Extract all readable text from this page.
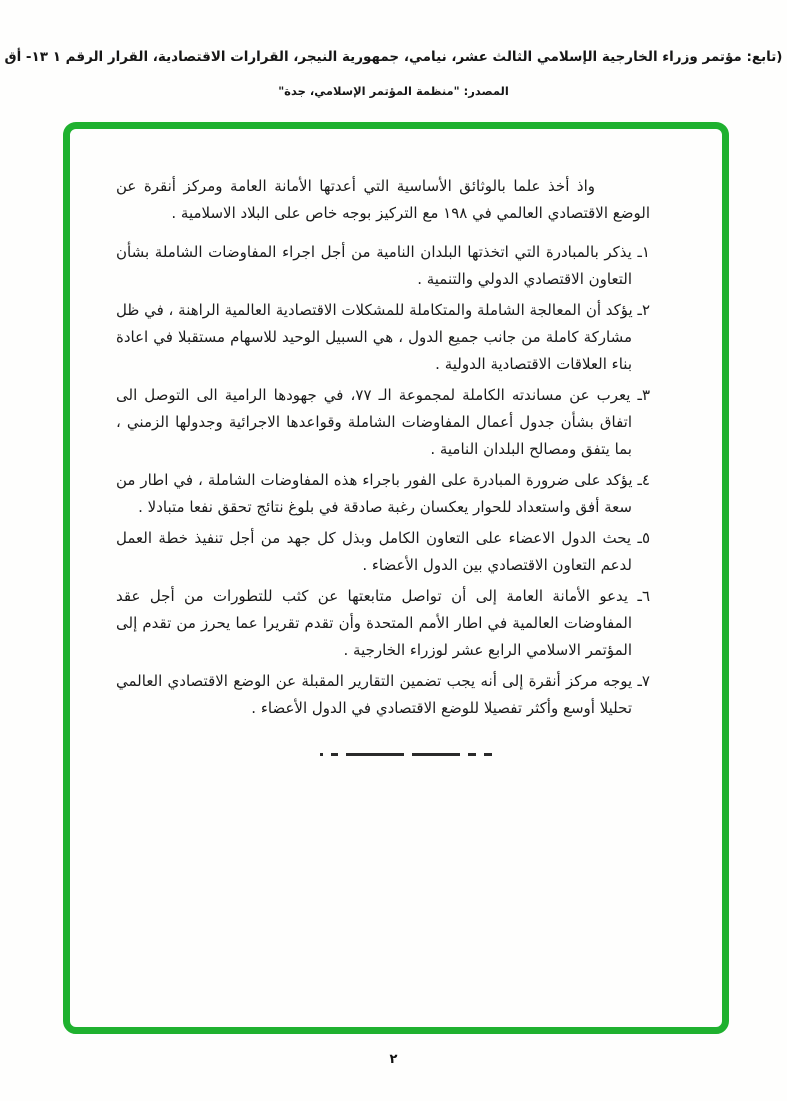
(تابع: مؤتمر وزراء الخارجية الإسلامي الثالث عشر، نيامي، جمهورية النيجر، القرارات الاقتصادية، القرار الرقم ١ ١٣- أق
المصدر: "منظمة المؤتمر الإسلامي، جدة"

واذ أخذ علما بالوثائق الأساسية التي أعدتها الأمانة العامة ومركز أنقرة عن الوضع الاقتصادي العالمي في ١٩٨ مع التركيز بوجه خاص على البلاد الاسلامية .

١ـ يذكر بالمبادرة التي اتخذتها البلدان النامية من أجل اجراء المفاوضات الشاملة بشأن التعاون الاقتصادي الدولي والتنمية .

٢ـ يؤكد أن المعالجة الشاملة والمتكاملة للمشكلات الاقتصادية العالمية الراهنة ، في ظل مشاركة كاملة من جانب جميع الدول ، هي السبيل الوحيد للاسهام مستقبلا في اعادة بناء العلاقات الاقتصادية الدولية .

٣ـ يعرب عن مساندته الكاملة لمجموعة الـ ٧٧، في جهودها الرامية الى التوصل الى اتفاق بشأن جدول أعمال المفاوضات الشاملة وقواعدها الاجرائية وجدولها الزمني ، بما يتفق ومصالح البلدان النامية .

٤ـ يؤكد على ضرورة المبادرة على الفور باجراء هذه المفاوضات الشاملة ، في اطار من سعة أفق واستعداد للحوار يعكسان رغبة صادقة في بلوغ نتائج تحقق نفعا متبادلا .

٥ـ يحث الدول الاعضاء على التعاون الكامل وبذل كل جهد من أجل تنفيذ خطة العمل لدعم التعاون الاقتصادي بين الدول الأعضاء .

٦ـ يدعو الأمانة العامة إلى أن تواصل متابعتها عن كثب للتطورات من أجل عقد المفاوضات العالمية في اطار الأمم المتحدة وأن تقدم تقريرا عما يحرز من تقدم إلى المؤتمر الاسلامي الرابع عشر لوزراء الخارجية .

٧ـ يوجه مركز أنقرة إلى أنه يجب تضمين التقارير المقبلة عن الوضع الاقتصادي العالمي تحليلا أوسع وأكثر تفصيلا للوضع الاقتصادي في الدول الأعضاء .

٢
